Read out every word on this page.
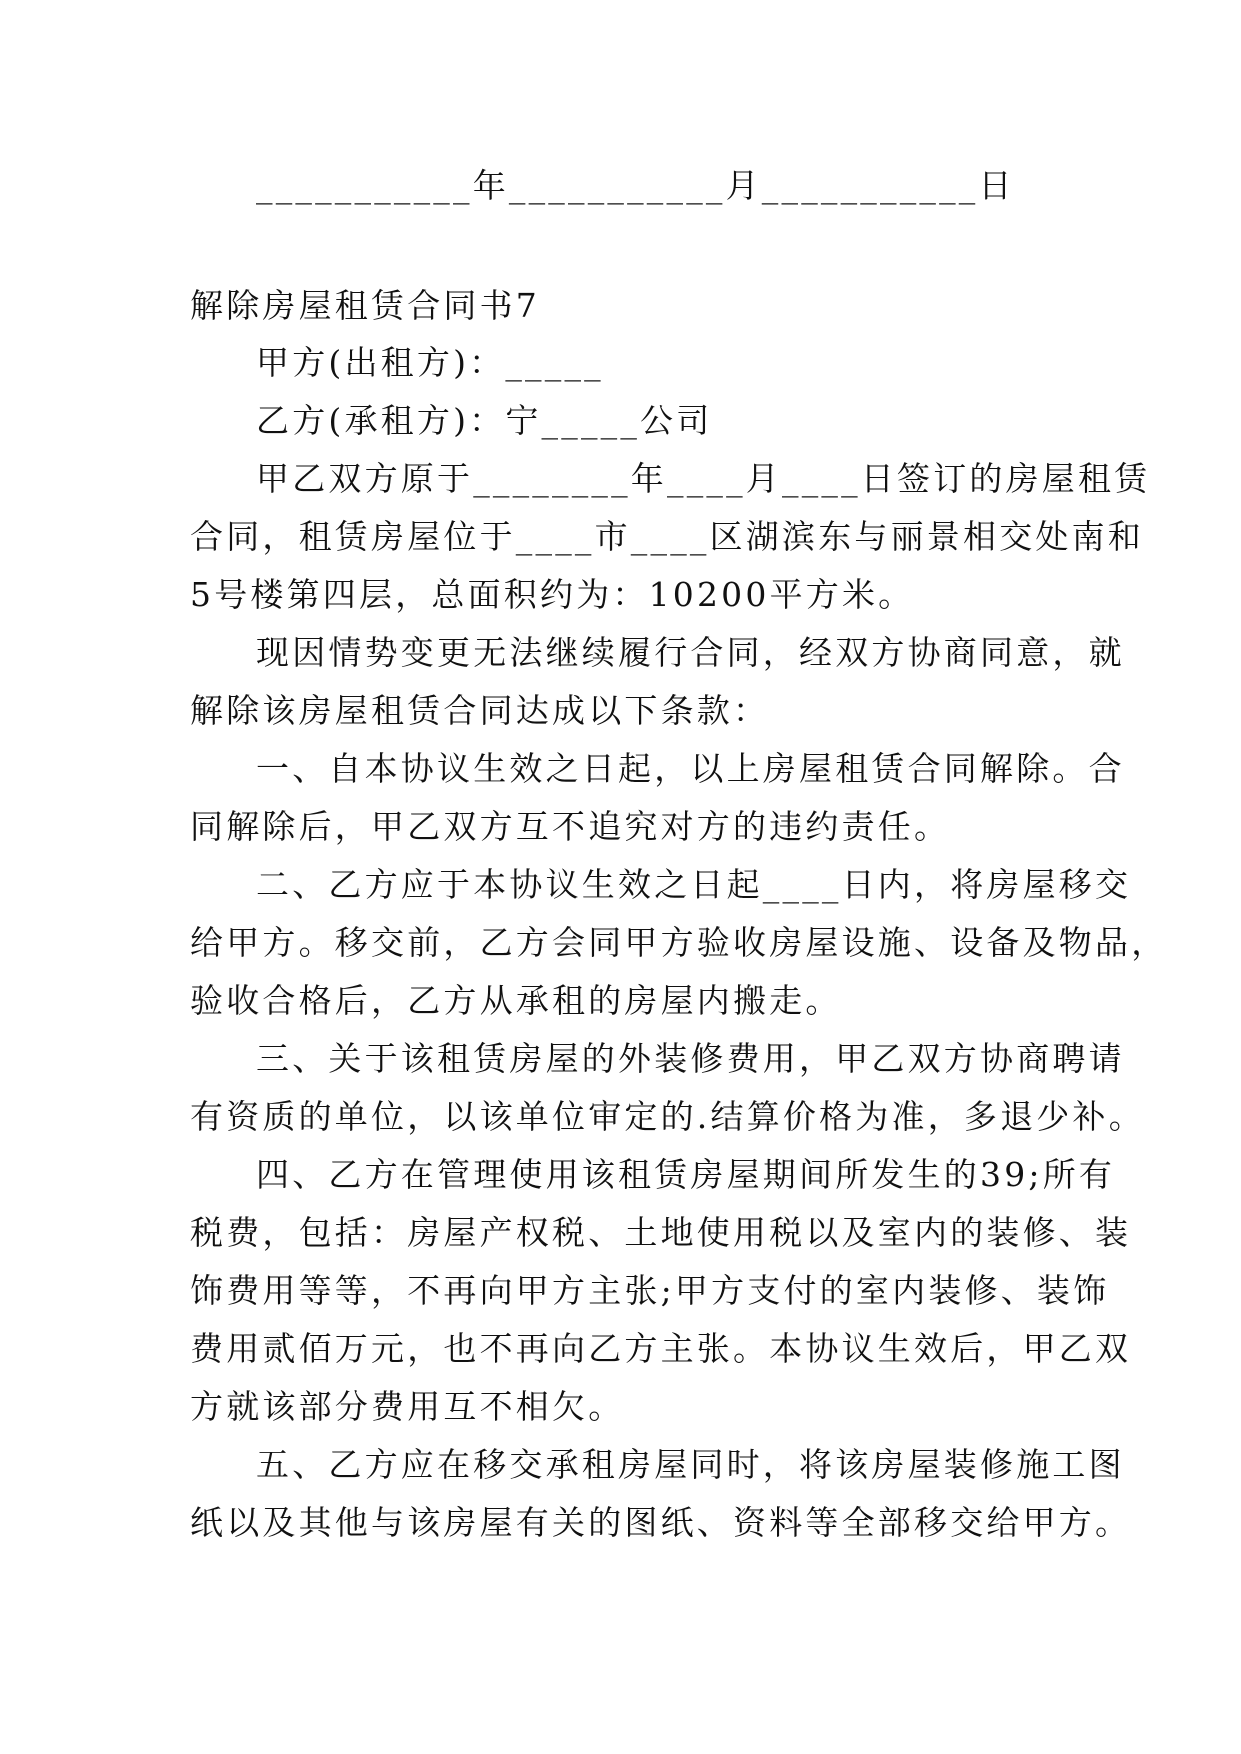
___________年___________月___________日
解除房屋租赁合同书7
甲方(出租方)：_____
乙方(承租方)：宁_____公司
甲乙双方原于________年____月____日签订的房屋租赁
合同，租赁房屋位于____市____区湖滨东与丽景相交处南和
5号楼第四层，总面积约为：10200平方米。
现因情势变更无法继续履行合同，经双方协商同意，就
解除该房屋租赁合同达成以下条款：
一、自本协议生效之日起，以上房屋租赁合同解除。合
同解除后，甲乙双方互不追究对方的违约责任。
二、乙方应于本协议生效之日起____日内，将房屋移交
给甲方。移交前，乙方会同甲方验收房屋设施、设备及物品，
验收合格后，乙方从承租的房屋内搬走。
三、关于该租赁房屋的外装修费用，甲乙双方协商聘请
有资质的单位，以该单位审定的.结算价格为准，多退少补。
四、乙方在管理使用该租赁房屋期间所发生的39;所有
税费，包括：房屋产权税、土地使用税以及室内的装修、装
饰费用等等，不再向甲方主张;甲方支付的室内装修、装饰
费用贰佰万元，也不再向乙方主张。本协议生效后，甲乙双
方就该部分费用互不相欠。
五、乙方应在移交承租房屋同时，将该房屋装修施工图
纸以及其他与该房屋有关的图纸、资料等全部移交给甲方。
